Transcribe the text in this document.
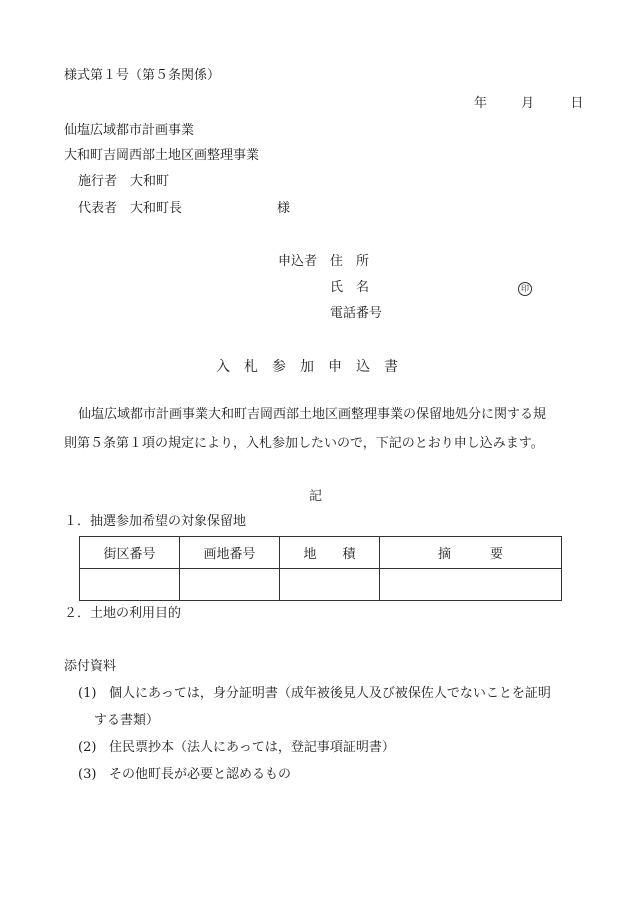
様式第１号（第５条関係）
年	月	日
仙塩広域都市計画事業
大和町吉岡西部土地区画整理事業
施行者 大和町
代表者 大和町長	様
申込者 住　所
氏　名	印
電話番号
入　札　参　加　申　込　書
仙塩広域都市計画事業大和町吉岡西部土地区画整理事業の保留地処分に関する規
則第５条第１項の規定により，入札参加したいので，下記のとおり申し込みます。
記
１．抽選参加希望の対象保留地
街区番号	画地番号	地　　積	摘　　　要

２．土地の利用目的
添付資料
(1) 個人にあっては，身分証明書（成年被後見人及び被保佐人でないことを証明
する書類）
(2) 住民票抄本（法人にあっては，登記事項証明書）
(3) その他町長が必要と認めるもの
